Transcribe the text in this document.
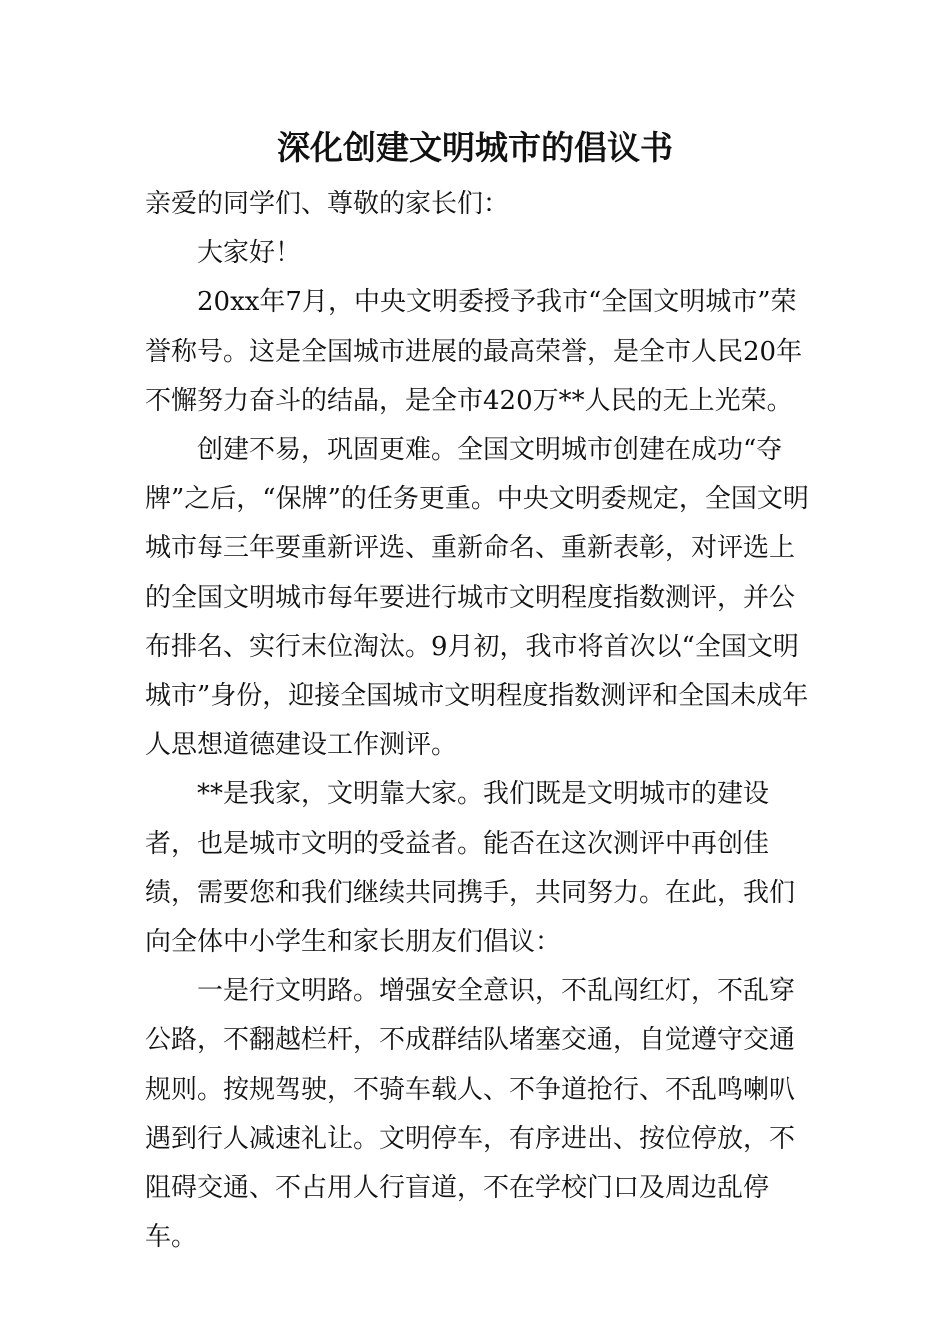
深化创建文明城市的倡议书

亲爱的同学们、尊敬的家长们：

大家好！

20xx年7月，中央文明委授予我市“全国文明城市”荣誉称号。这是全国城市进展的最高荣誉，是全市人民20年不懈努力奋斗的结晶，是全市420万**人民的无上光荣。

创建不易，巩固更难。全国文明城市创建在成功“夺牌”之后，“保牌”的任务更重。中央文明委规定，全国文明城市每三年要重新评选、重新命名、重新表彰，对评选上的全国文明城市每年要进行城市文明程度指数测评，并公布排名、实行末位淘汰。9月初，我市将首次以“全国文明城市”身份，迎接全国城市文明程度指数测评和全国未成年人思想道德建设工作测评。

**是我家，文明靠大家。我们既是文明城市的建设者，也是城市文明的受益者。能否在这次测评中再创佳绩，需要您和我们继续共同携手，共同努力。在此，我们向全体中小学生和家长朋友们倡议：

一是行文明路。增强安全意识，不乱闯红灯，不乱穿公路，不翻越栏杆，不成群结队堵塞交通，自觉遵守交通规则。按规驾驶，不骑车载人、不争道抢行、不乱鸣喇叭遇到行人减速礼让。文明停车，有序进出、按位停放，不阻碍交通、不占用人行盲道，不在学校门口及周边乱停车。
